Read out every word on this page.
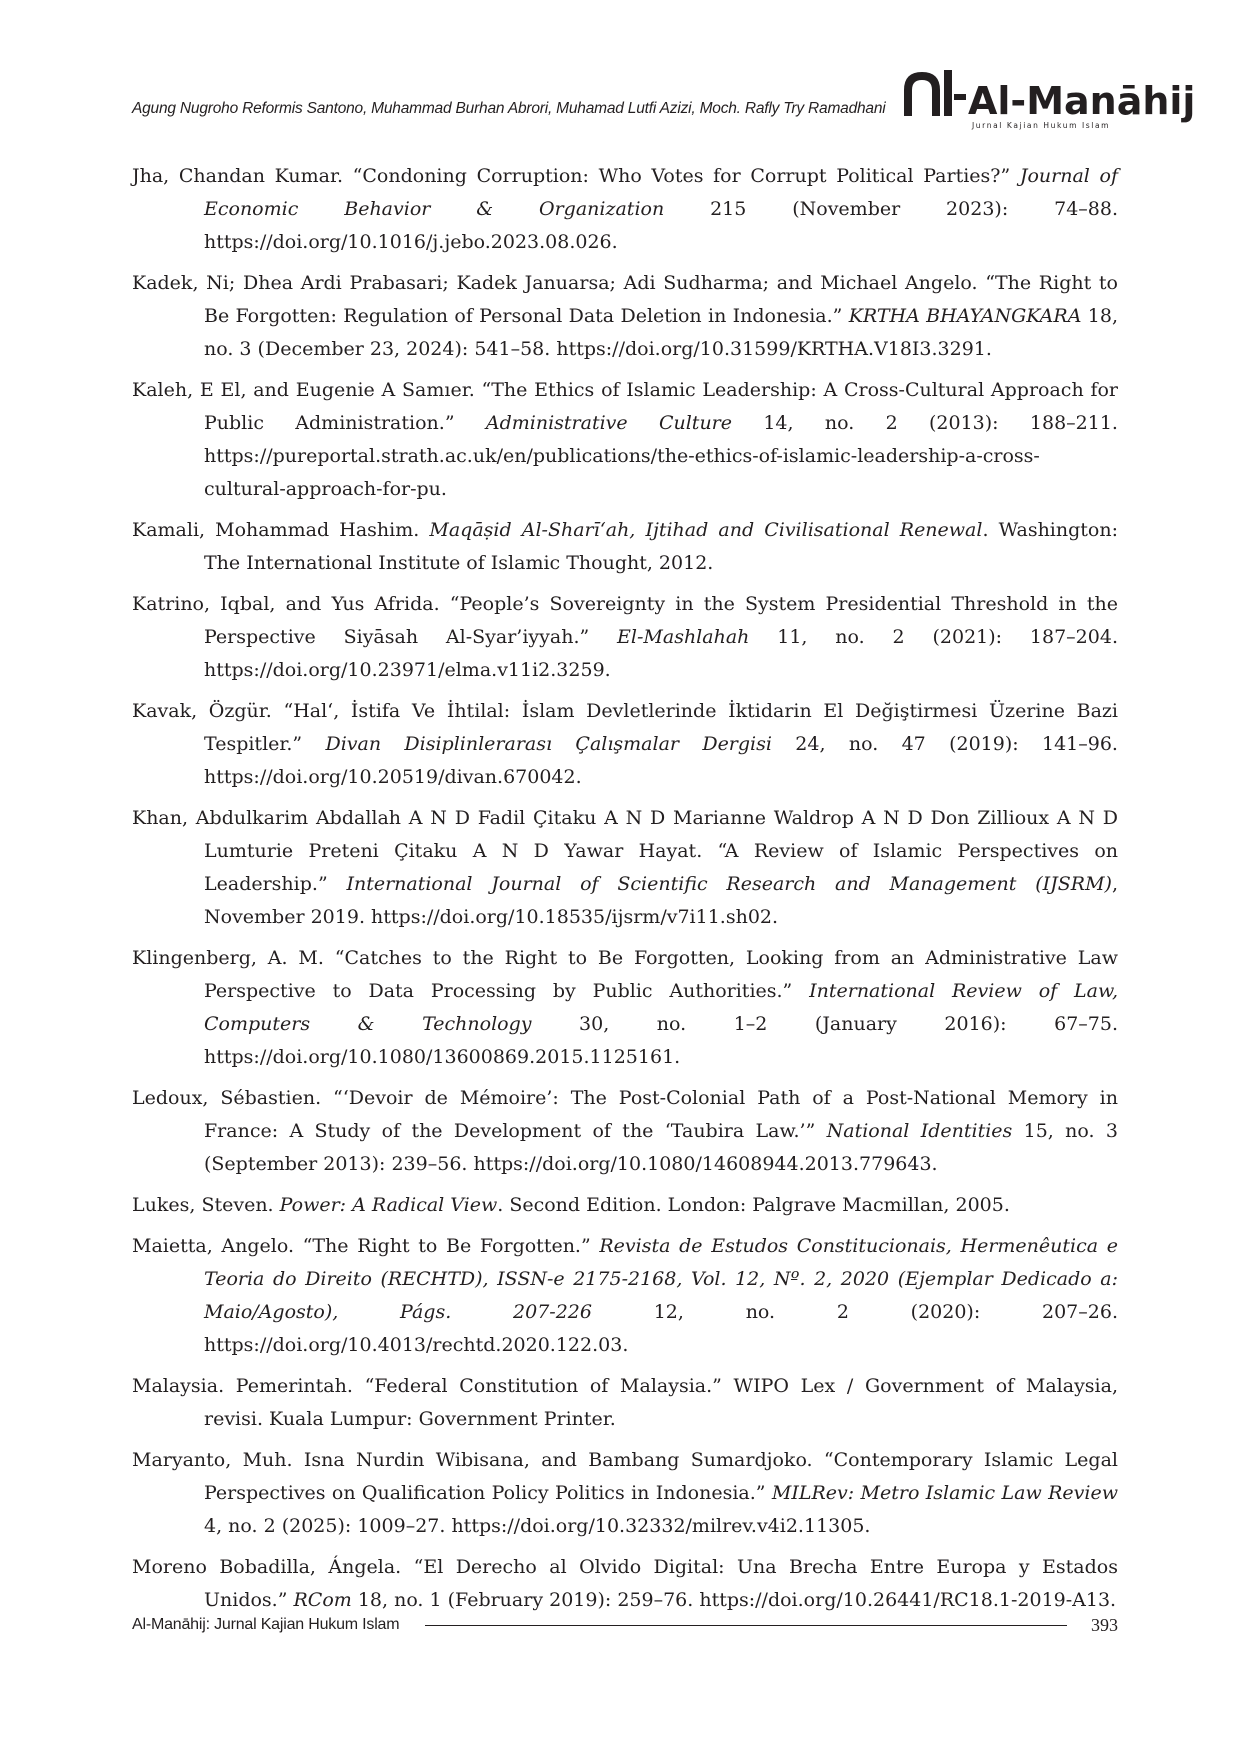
Agung Nugroho Reformis Santono, Muhammad Burhan Abrori, Muhamad Lutfi Azizi, Moch. Rafly Try Ramadhani Al-Manāhij
Jurnal Kajian Hukum Islam
Jha, Chandan Kumar. “Condoning Corruption: Who Votes for Corrupt Political Parties?” Journal of Economic Behavior & Organization 215 (November 2023): 74–88. https://doi.org/10.1016/j.jebo.2023.08.026.
Kadek, Ni; Dhea Ardi Prabasari; Kadek Januarsa; Adi Sudharma; and Michael Angelo. “The Right to Be Forgotten: Regulation of Personal Data Deletion in Indonesia.” KRTHA BHAYANGKARA 18, no. 3 (December 23, 2024): 541–58. https://doi.org/10.31599/KRTHA.V18I3.3291.
Kaleh, E El, and Eugenie A Samıer. “The Ethics of Islamic Leadership: A Cross-Cultural Approach for Public Administration.” Administrative Culture 14, no. 2 (2013): 188–211. https://pureportal.strath.ac.uk/en/publications/the-ethics-of-islamic-leadership-a-cross-cultural-approach-for-pu.
Kamali, Mohammad Hashim. Maqāṣid Al-Sharī‘ah, Ijtihad and Civilisational Renewal. Washington: The International Institute of Islamic Thought, 2012.
Katrino, Iqbal, and Yus Afrida. “People’s Sovereignty in the System Presidential Threshold in the Perspective Siyāsah Al-Syar’iyyah.” El-Mashlahah 11, no. 2 (2021): 187–204. https://doi.org/10.23971/elma.v11i2.3259.
Kavak, Özgür. “Hal‘, İstifa Ve İhtilal: İslam Devletlerinde İktidarin El Değiştirmesi Üzerine Bazi Tespitler.” Divan Disiplinlerarası Çalışmalar Dergisi 24, no. 47 (2019): 141–96. https://doi.org/10.20519/divan.670042.
Khan, Abdulkarim Abdallah A N D Fadil Çitaku A N D Marianne Waldrop A N D Don Zillioux A N D Lumturie Preteni Çitaku A N D Yawar Hayat. “A Review of Islamic Perspectives on Leadership.” International Journal of Scientific Research and Management (IJSRM), November 2019. https://doi.org/10.18535/ijsrm/v7i11.sh02.
Klingenberg, A. M. “Catches to the Right to Be Forgotten, Looking from an Administrative Law Perspective to Data Processing by Public Authorities.” International Review of Law, Computers & Technology 30, no. 1–2 (January 2016): 67–75. https://doi.org/10.1080/13600869.2015.1125161.
Ledoux, Sébastien. “‘Devoir de Mémoire’: The Post-Colonial Path of a Post-National Memory in France: A Study of the Development of the ‘Taubira Law.’” National Identities 15, no. 3 (September 2013): 239–56. https://doi.org/10.1080/14608944.2013.779643.
Lukes, Steven. Power: A Radical View. Second Edition. London: Palgrave Macmillan, 2005.
Maietta, Angelo. “The Right to Be Forgotten.” Revista de Estudos Constitucionais, Hermenêutica e Teoria do Direito (RECHTD), ISSN-e 2175-2168, Vol. 12, Nº. 2, 2020 (Ejemplar Dedicado a: Maio/Agosto), Págs. 207-226 12, no. 2 (2020): 207–26. https://doi.org/10.4013/rechtd.2020.122.03.
Malaysia. Pemerintah. “Federal Constitution of Malaysia.” WIPO Lex / Government of Malaysia, revisi. Kuala Lumpur: Government Printer.
Maryanto, Muh. Isna Nurdin Wibisana, and Bambang Sumardjoko. “Contemporary Islamic Legal Perspectives on Qualification Policy Politics in Indonesia.” MILRev: Metro Islamic Law Review 4, no. 2 (2025): 1009–27. https://doi.org/10.32332/milrev.v4i2.11305.
Moreno Bobadilla, Ángela. “El Derecho al Olvido Digital: Una Brecha Entre Europa y Estados Unidos.” RCom 18, no. 1 (February 2019): 259–76. https://doi.org/10.26441/RC18.1-2019-A13.
Al-Manāhij: Jurnal Kajian Hukum Islam	393
